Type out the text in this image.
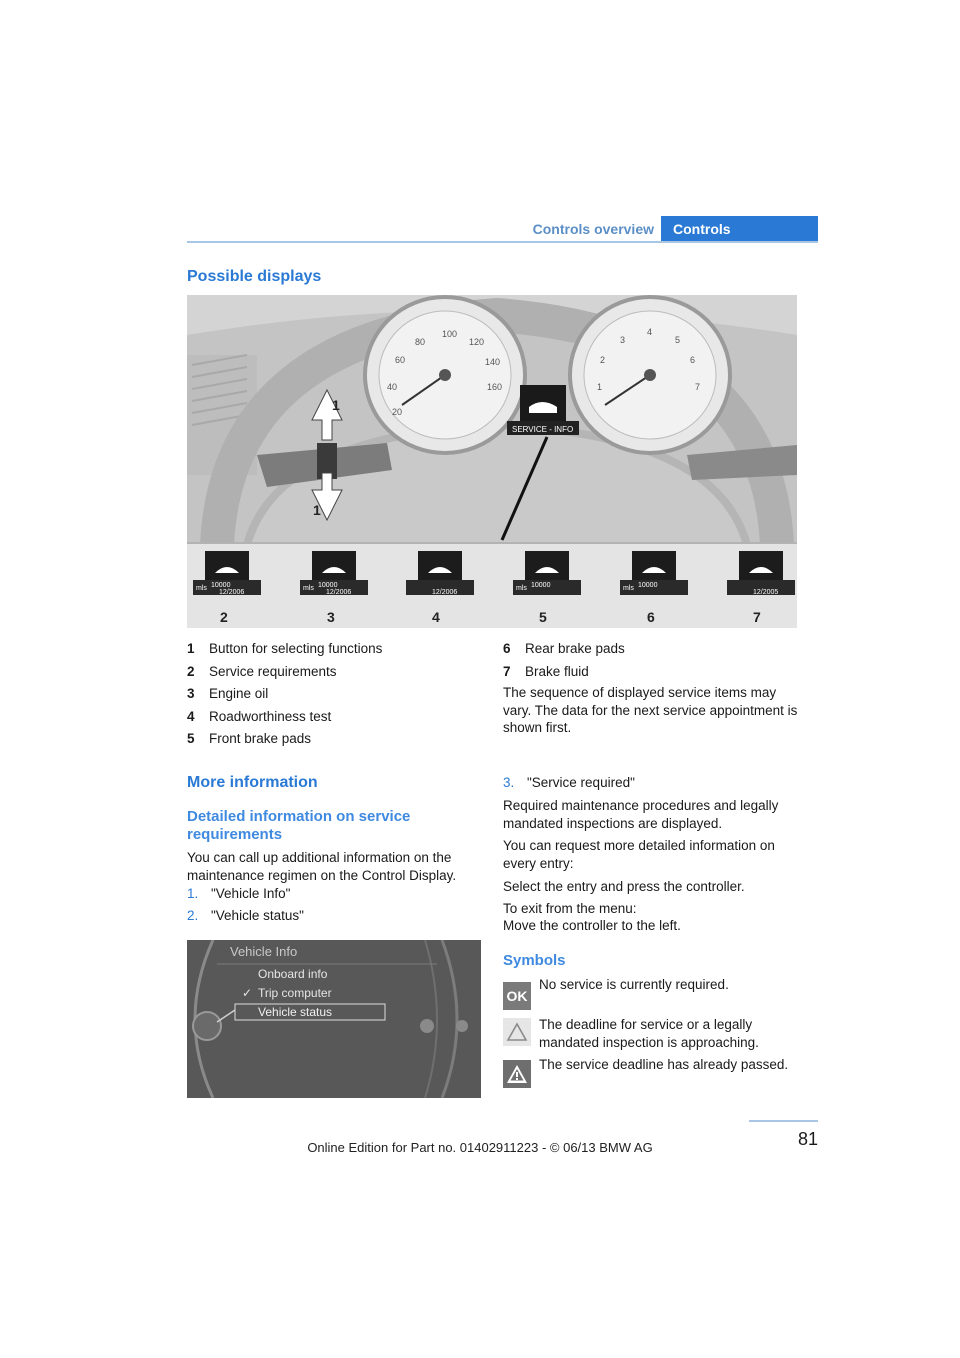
Controls overview	Controls
Possible displays
20
40
60
80
100
120
140
160	1
2
3
4
5
6
7
SERVICE - INFO
1
1
2	3	4	5	6	7
mls 10000
12/2006
mls 10000
12/2006	12/2006
mls 10000	mls 10000
12/2005
1 Button for selecting functions
2 Service requirements
3 Engine oil
4 Roadworthiness test
5 Front brake pads
6 Rear brake pads
7 Brake fluid
The sequence of displayed service items may vary. The data for the next service appointment is shown first.
More information
Detailed information on service requirements
You can call up additional information on the maintenance regimen on the Control Display.
1. "Vehicle Info"
2. "Vehicle status"
Vehicle Info
Onboard info
✓ Trip computer
Vehicle status
3. "Service required"
Required maintenance procedures and legally mandated inspections are displayed.
You can request more detailed information on every entry:
Select the entry and press the controller.
To exit from the menu:
Move the controller to the left.
Symbols
OK
No service is currently required.
The deadline for service or a legally mandated inspection is approaching.
The service deadline has already passed.
81
Online Edition for Part no. 01402911223 - © 06/13 BMW AG
